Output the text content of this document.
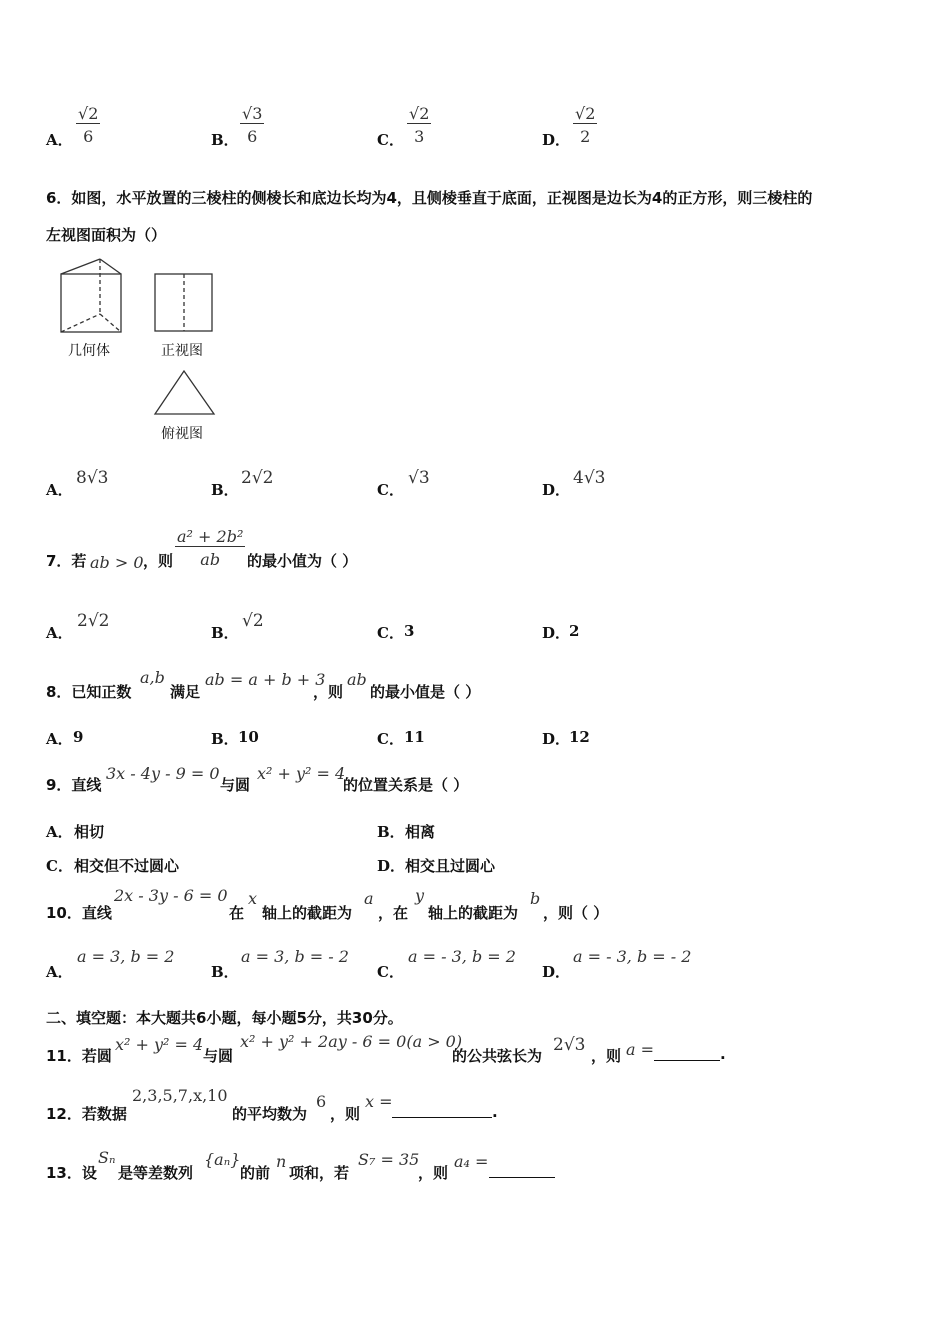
A． $\frac{√2}{6}$	B． $\frac{√3}{6}$	C． $\frac{√2}{3}$	D． $\frac{√2}{2}$
6．如图，水平放置的三棱柱的侧棱长和底边长均为4，且侧棱垂直于底面，正视图是边长为4的正方形，则三棱柱的
左视图面积为（）
几何体	正视图
俯视图
A．
8√3
B．
2√2
C．
√3
D．
4√3
7．若 ab > 0 ，则 $\frac{\text{a² + 2b²}}{ab}$ 的最小值为（ ）
A．
2√2
B．
√2
C． 3	D．
2
8．已知正数
a,b
满足
ab = a + b + 3
，则
ab
的最小值是（ ）
A． 9	B． 10	C． 11	D．
12
9．直线
3x - 4y - 9 = 0
与圆
x² + y² = 4
的位置关系是（ ）
A． 相切	B． 相离
C． 相交但不过圆心	D． 相交且过圆心
10．直线
2x - 3y - 6 = 0
在
x
轴上的截距为
a
，在
y
轴上的截距为
b
，则（ ）
A．
a = 3, b = 2
B．
a = 3, b = - 2
C．
a = - 3, b = 2
D．
a = - 3, b = - 2
二、填空题：本大题共6小题，每小题5分，共30分。
11．若圆
x² + y² = 4
与圆
x² + y² + 2ay - 6 = 0(a > 0)
的公共弦长为
2√3
，则 a =	.
12．若数据
2,3,5,7,x,10
的平均数为
6
，则
x =
.
13．设
Sₙ
是等差数列
{aₙ}
的前
n
项和，若
S₇ = 35
，则
a₄ =
